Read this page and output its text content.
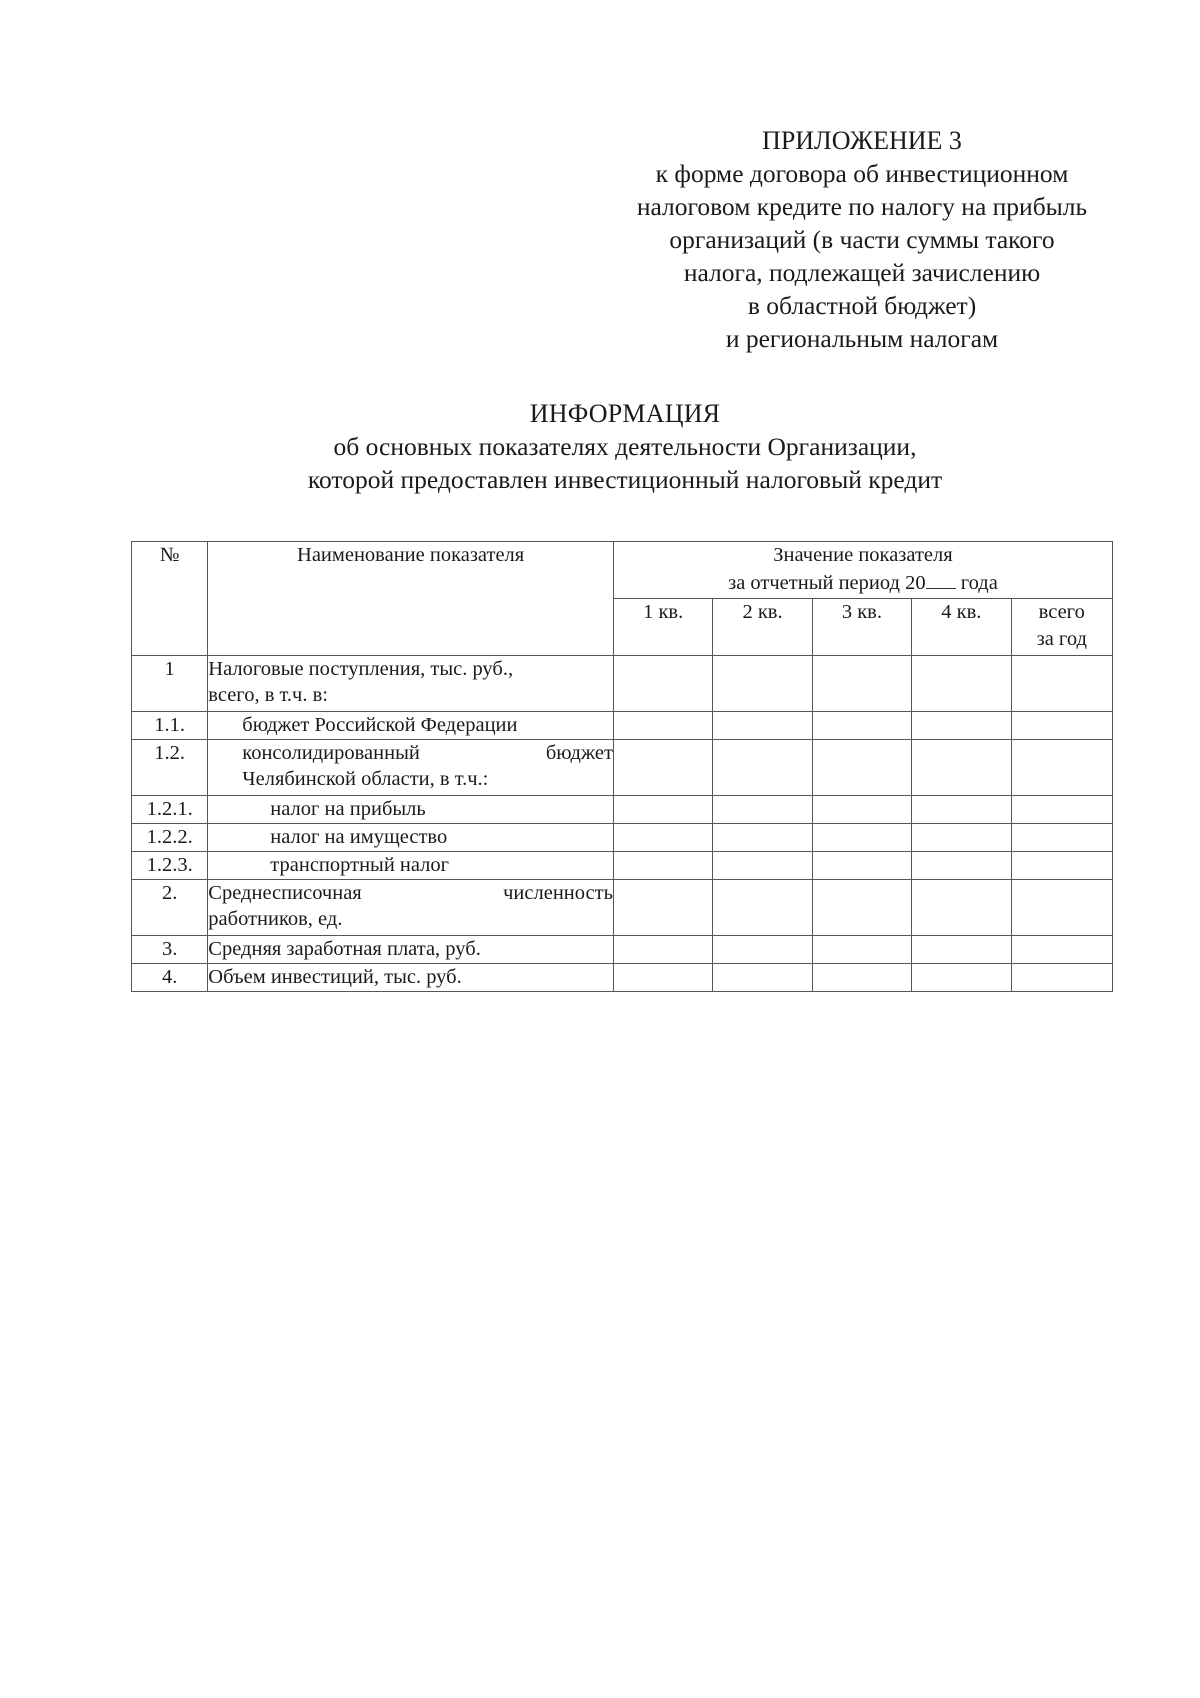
ПРИЛОЖЕНИЕ 3
к форме договора об инвестиционном
налоговом кредите по налогу на прибыль
организаций (в части суммы такого
налога, подлежащей зачислению
в областной бюджет)
и региональным налогам
ИНФОРМАЦИЯ
об основных показателях деятельности Организации,
которой предоставлен инвестиционный налоговый кредит
№	Наименование показателя	Значение показателя
за отчетный период 20 года				

		1 кв.	2 кв.	3 кв.	4 кв.	всего
за год

1	Налоговые поступления, тыс. руб.,
всего, в т.ч. в:					

1.1.	бюджет Российской Федерации					
1.2.	консолидированный бюджет
Челябинской области, в т.ч.:					

1.2.1.	налог на прибыль					
1.2.2.	налог на имущество					
1.2.3.	транспортный налог					
2.	Среднесписочная численность
работников, ед.					

3.	Средняя заработная плата, руб.					
4.	Объем инвестиций, тыс. руб.					
